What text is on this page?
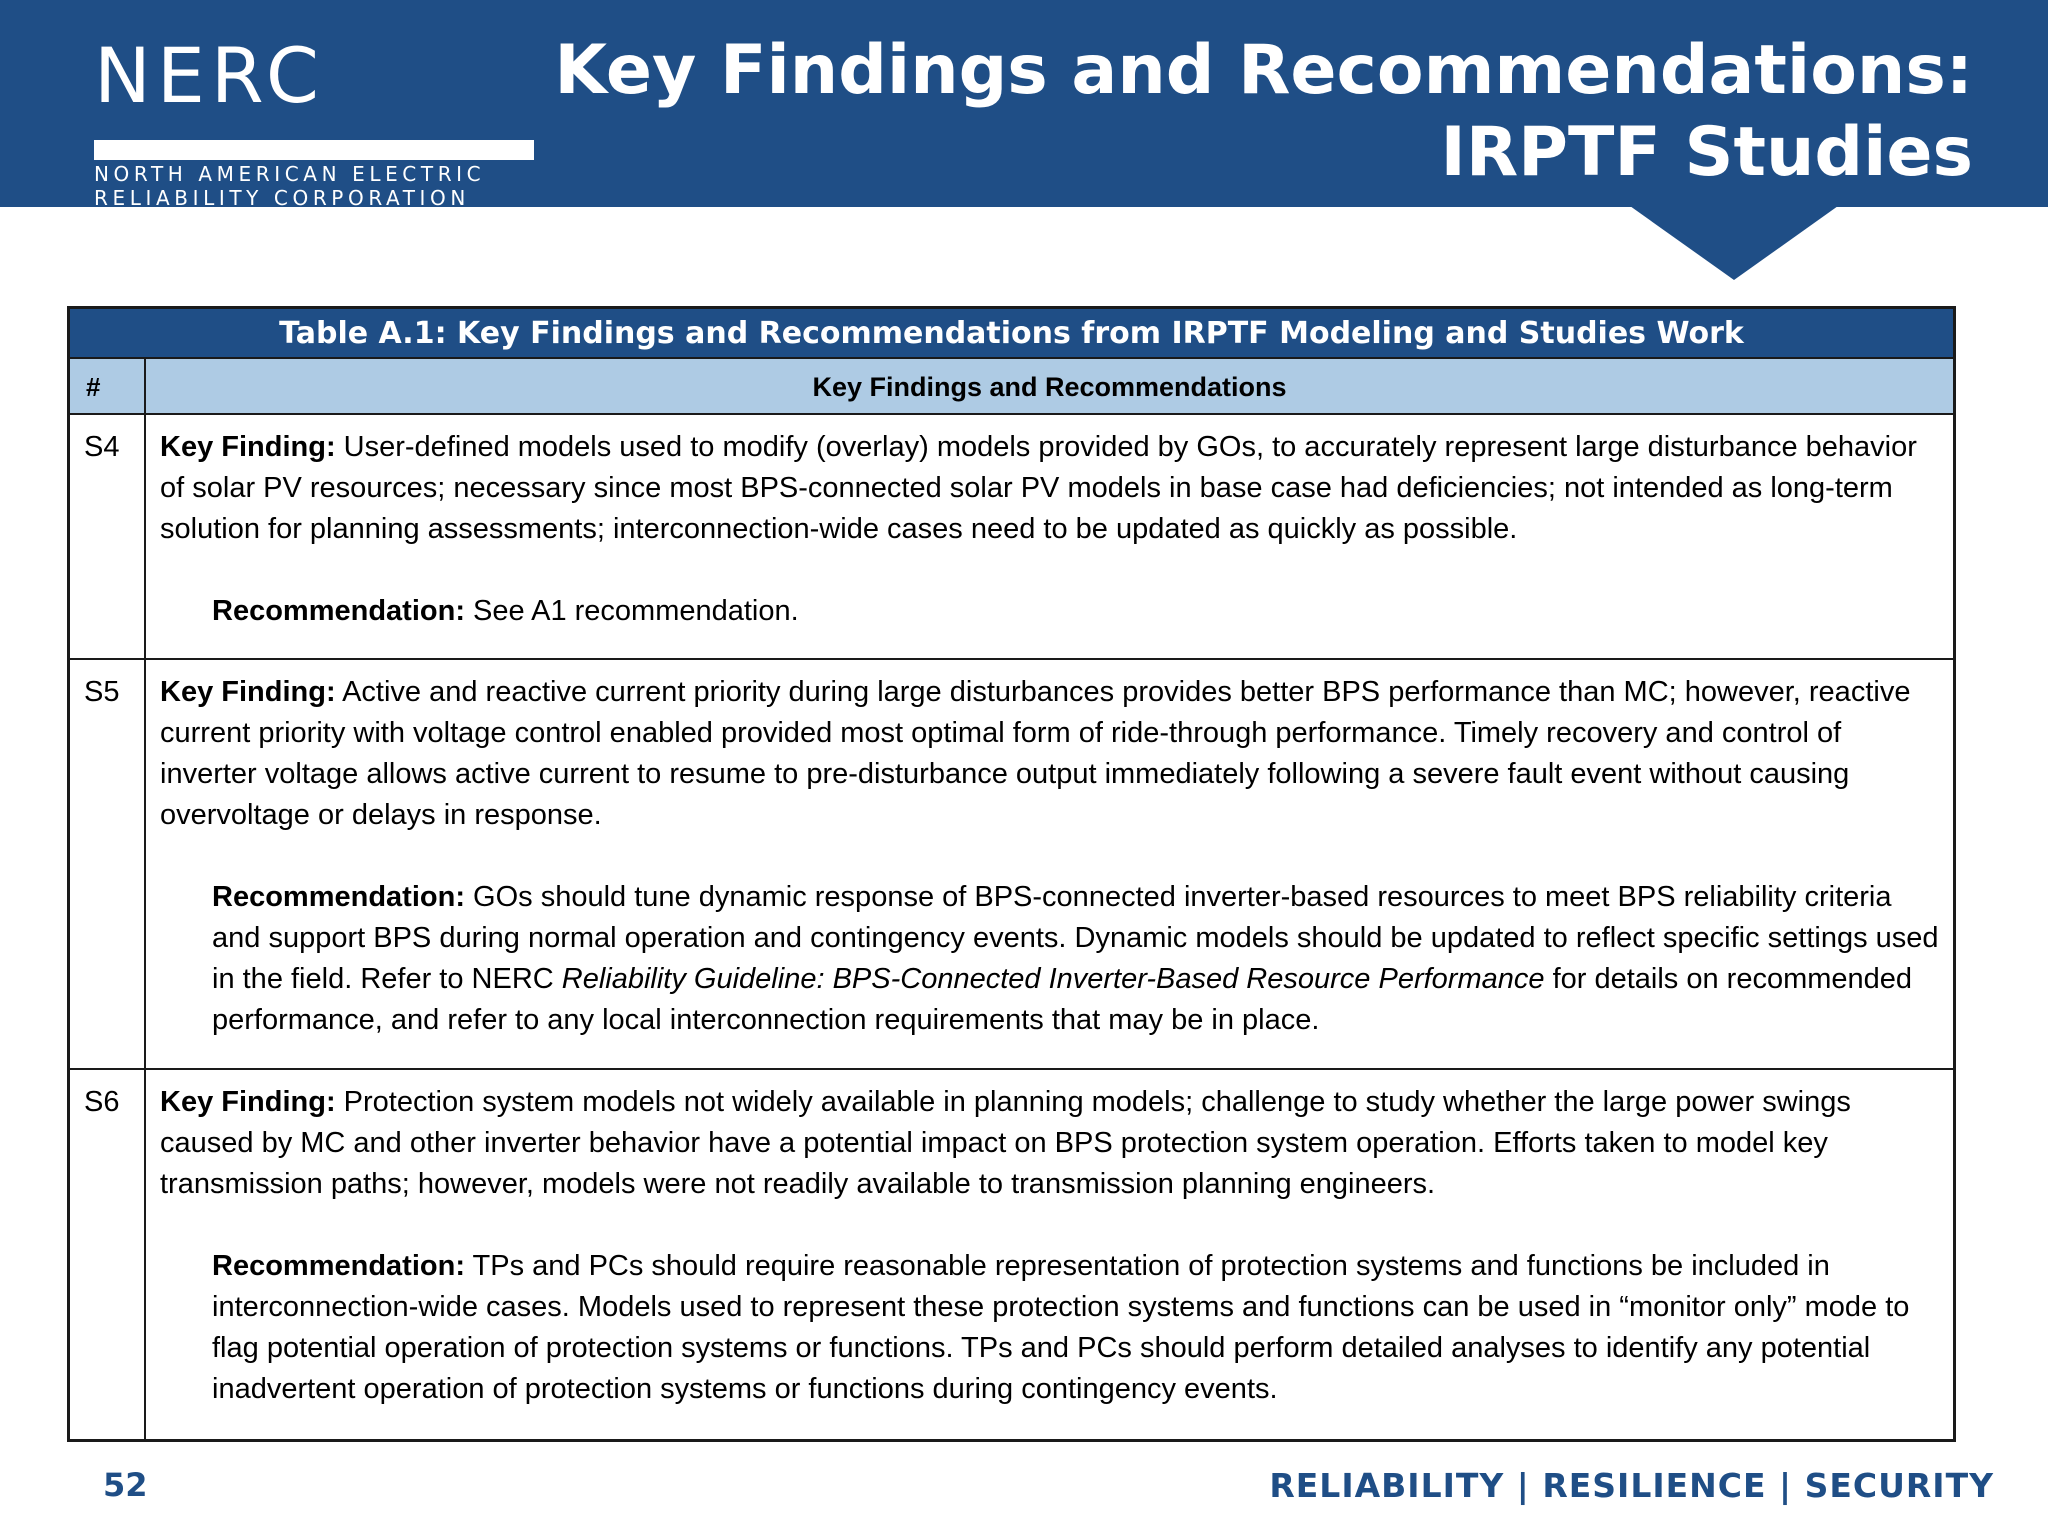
NERC
NORTH AMERICAN ELECTRIC
RELIABILITY CORPORATION
Key Findings and Recommendations:
IRPTF Studies
Table A.1: Key Findings and Recommendations from IRPTF Modeling and Studies Work
#	Key Findings and Recommendations
S4	Key Finding: User-defined models used to modify (overlay) models provided by GOs, to accurately represent large disturbance behavior of solar PV resources; necessary since most BPS-connected solar PV models in base case had deficiencies; not intended as long-term solution for planning assessments; interconnection-wide cases need to be updated as quickly as possible.

Recommendation: See A1 recommendation.

S5	Key Finding: Active and reactive current priority during large disturbances provides better BPS performance than MC; however, reactive current priority with voltage control enabled provided most optimal form of ride-through performance. Timely recovery and control of inverter voltage allows active current to resume to pre-disturbance output immediately following a severe fault event without causing overvoltage or delays in response.

Recommendation: GOs should tune dynamic response of BPS-connected inverter-based resources to meet BPS reliability criteria and support BPS during normal operation and contingency events. Dynamic models should be updated to reflect specific settings used in the field. Refer to NERC Reliability Guideline: BPS-Connected Inverter-Based Resource Performance for details on recommended performance, and refer to any local interconnection requirements that may be in place.

S6	Key Finding: Protection system models not widely available in planning models; challenge to study whether the large power swings caused by MC and other inverter behavior have a potential impact on BPS protection system operation. Efforts taken to model key transmission paths; however, models were not readily available to transmission planning engineers.

Recommendation: TPs and PCs should require reasonable representation of protection systems and functions be included in interconnection-wide cases. Models used to represent these protection systems and functions can be used in “monitor only” mode to flag potential operation of protection systems or functions. TPs and PCs should perform detailed analyses to identify any potential inadvertent operation of protection systems or functions during contingency events.

52	RELIABILITY | RESILIENCE | SECURITY
